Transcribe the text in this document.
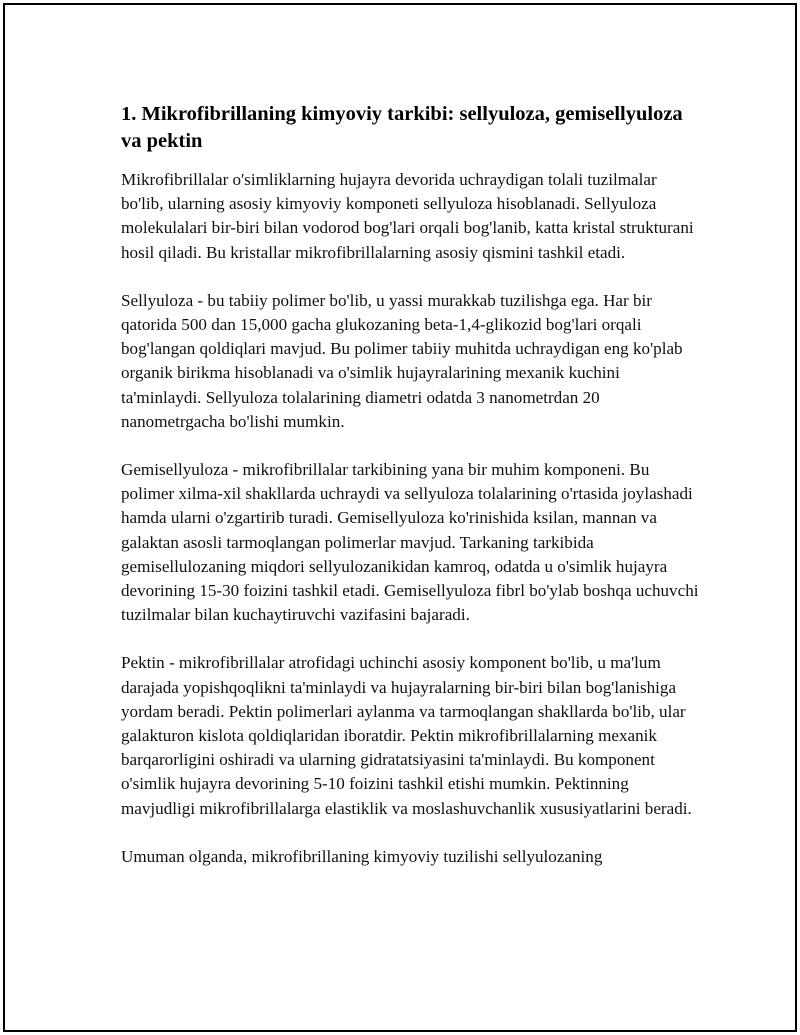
1. Mikrofibrillaning kimyoviy tarkibi: sellyuloza, gemisellyuloza va pektin

Mikrofibrillalar o'simliklarning hujayra devorida uchraydigan tolali tuzilmalar bo'lib, ularning asosiy kimyoviy komponeti sellyuloza hisoblanadi. Sellyuloza molekulalari bir-biri bilan vodorod bog'lari orqali bog'lanib, katta kristal strukturani hosil qiladi. Bu kristallar mikrofibrillalarning asosiy qismini tashkil etadi.

Sellyuloza - bu tabiiy polimer bo'lib, u yassi murakkab tuzilishga ega. Har bir qatorida 500 dan 15,000 gacha glukozaning beta-1,4-glikozid bog'lari orqali bog'langan qoldiqlari mavjud. Bu polimer tabiiy muhitda uchraydigan eng ko'plab organik birikma hisoblanadi va o'simlik hujayralarining mexanik kuchini ta'minlaydi. Sellyuloza tolalarining diametri odatda 3 nanometrdan 20 nanometrgacha bo'lishi mumkin.

Gemisellyuloza - mikrofibrillalar tarkibining yana bir muhim komponeni. Bu polimer xilma-xil shakllarda uchraydi va sellyuloza tolalarining o'rtasida joylashadi hamda ularni o'zgartirib turadi. Gemisellyuloza ko'rinishida ksilan, mannan va galaktan asosli tarmoqlangan polimerlar mavjud. Tarkaning tarkibida gemisellulozaning miqdori sellyulozanikidan kamroq, odatda u o'simlik hujayra devorining 15-30 foizini tashkil etadi. Gemisellyuloza fibrl bo'ylab boshqa uchuvchi tuzilmalar bilan kuchaytiruvchi vazifasini bajaradi.

Pektin - mikrofibrillalar atrofidagi uchinchi asosiy komponent bo'lib, u ma'lum darajada yopishqoqlikni ta'minlaydi va hujayralarning bir-biri bilan bog'lanishiga yordam beradi. Pektin polimerlari aylanma va tarmoqlangan shakllarda bo'lib, ular galakturon kislota qoldiqlaridan iboratdir. Pektin mikrofibrillalarning mexanik barqarorligini oshiradi va ularning gidratatsiyasini ta'minlaydi. Bu komponent o'simlik hujayra devorining 5-10 foizini tashkil etishi mumkin. Pektinning mavjudligi mikrofibrillalarga elastiklik va moslashuvchanlik xususiyatlarini beradi.

Umuman olganda, mikrofibrillaning kimyoviy tuzilishi sellyulozaning
